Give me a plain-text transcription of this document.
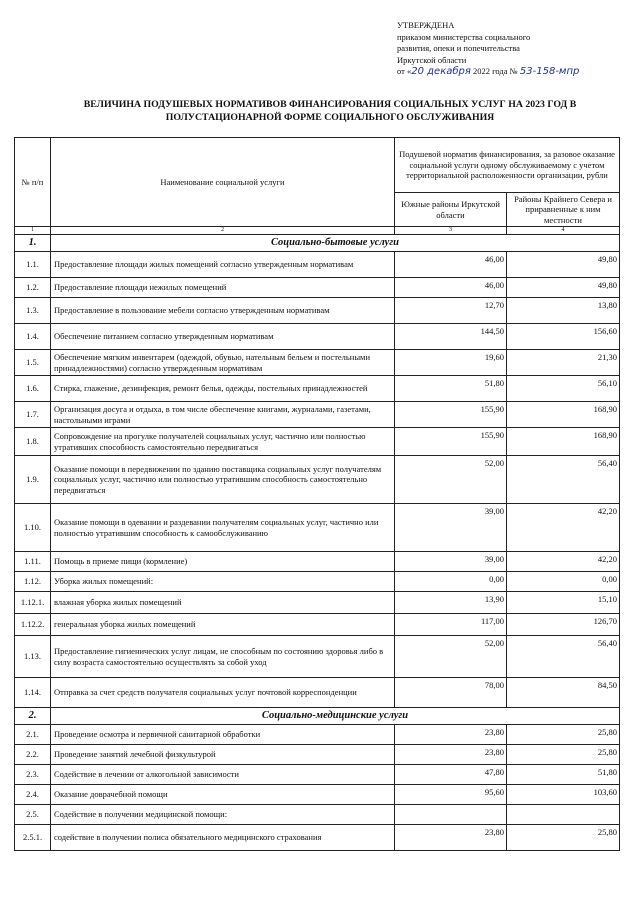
УТВЕРЖДЕНА
приказом министерства социального
развития, опеки и попечительства
Иркутской области
от «20 декабря 2022 года № 53-158-мпр
ВЕЛИЧИНА ПОДУШЕВЫХ НОРМАТИВОВ ФИНАНСИРОВАНИЯ СОЦИАЛЬНЫХ УСЛУГ НА 2023 ГОД В
ПОЛУСТАЦИОНАРНОЙ ФОРМЕ СОЦИАЛЬНОГО ОБСЛУЖИВАНИЯ
№ п/п	Наименование социальной услуги	Подушевой норматив финансирования, за разовое оказание социальной услуги одному обслуживаемому с учетом территориальной расположенности организации, рубли	
		Южные районы Иркутской области	Районы Крайнего Севера и приравненные к ним местности
1	2	3	4
1.	Социально-бытовые услуги		
1.1.	Предоставление площади жилых помещений согласно утвержденным нормативам	46,00	49,80
1.2.	Предоставление площади нежилых помещений	46,00	49,80
1.3.	Предоставление в пользование мебели согласно утвержденным нормативам	12,70	13,80
1.4.	Обеспечение питанием согласно утвержденным нормативам	144,50	156,60
1.5.	Обеспечение мягким инвентарем (одеждой, обувью, нательным бельем и постельными принадлежностями) согласно утвержденным нормативам	19,60	21,30
1.6.	Стирка, глажение, дезинфекция, ремонт белья, одежды, постельных принадлежностей	51,80	56,10
1.7.	Организация досуга и отдыха, в том числе обеспечение книгами, журналами, газетами, настольными играми	155,90	168,90
1.8.	Сопровождение на прогулке получателей социальных услуг, частично или полностью утративших способность самостоятельно передвигаться	155,90	168,90
1.9.	Оказание помощи в передвижении по зданию поставщика социальных услуг получателям социальных услуг, частично или полностью утратившим способность самостоятельно передвигаться	52,00	56,40
1.10.	Оказание помощи в одевании и раздевании получателям социальных услуг, частично или полностью утратившим способность к самообслуживанию	39,00	42,20
1.11.	Помощь в приеме пищи (кормление)	39,00	42,20
1.12.	Уборка жилых помещений:	0,00	0,00
1.12.1.	влажная уборка жилых помещений	13,90	15,10
1.12.2.	генеральная уборка жилых помещений	117,00	126,70
1.13.	Предоставление гигиенических услуг лицам, не способным по состоянию здоровья либо в силу возраста самостоятельно осуществлять за собой уход	52,00	56,40
1.14.	Отправка за счет средств получателя социальных услуг почтовой корреспонденции	78,00	84,50
2.	Социально-медицинские услуги		
2.1.	Проведение осмотра и первичной санитарной обработки	23,80	25,80
2.2.	Проведение занятий лечебной физкультурой	23,80	25,80
2.3.	Содействие в лечении от алкогольной зависимости	47,80	51,80
2.4.	Оказание доврачебной помощи	95,60	103,60
2.5.	Содействие в получении медицинской помощи:		
2.5.1.	содействие в получении полиса обязательного медицинского страхования	23,80	25,80
